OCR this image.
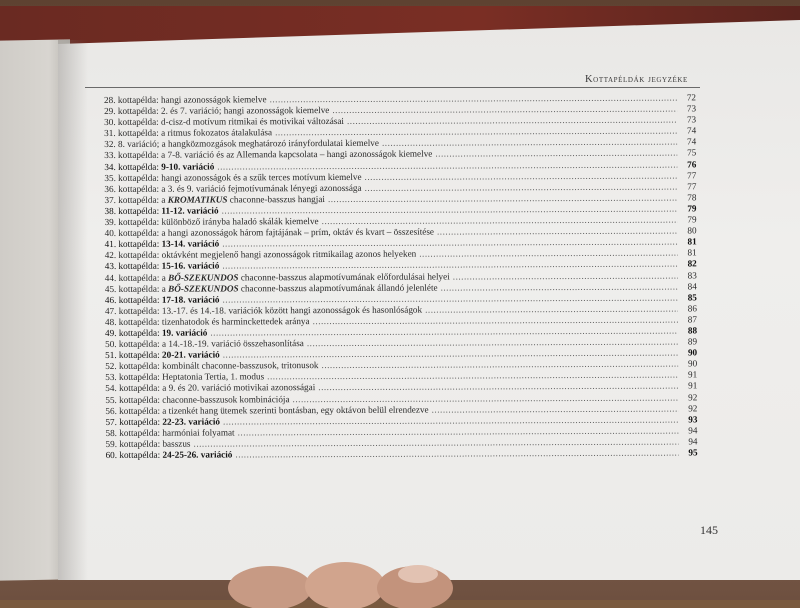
Kottapéldák jegyzéke
28. kottapélda: hangi azonosságok kiemelve .....	72
29. kottapélda: 2. és 7. variáció; hangi azonosságok kiemelve .....	73
30. kottapélda: d-cisz-d motívum ritmikai és motivikai változásai .....	73
31. kottapélda: a ritmus fokozatos átalakulása .....	74
32. 8. variáció; a hangközmozgások meghatározó irányfordulatai kiemelve .....	74
33. kottapélda: a 7-8. variáció és az Allemanda kapcsolata – hangi azonosságok kiemelve .....	75
34. kottapélda: 9-10. variáció .....	76
35. kottapélda: hangi azonosságok és a szűk terces motívum kiemelve .....	77
36. kottapélda: a 3. és 9. variáció fejmotívumának lényegi azonossága .....	77
37. kottapélda: a KROMATIKUS chaconne-basszus hangjai .....	78
38. kottapélda: 11-12. variáció .....	79
39. kottapélda: különböző irányba haladó skálák kiemelve .....	79
40. kottapélda: a hangi azonosságok három fajtájának – prím, oktáv és kvart – összesítése .....	80
41. kottapélda: 13-14. variáció .....	81
42. kottapélda: oktávként megjelenő hangi azonosságok ritmikailag azonos helyeken .....	81
43. kottapélda: 15-16. variáció .....	82
44. kottapélda: a BŐ-SZEKUNDOS chaconne-basszus alapmotívumának előfordulásai helyei .....	83
45. kottapélda: a BŐ-SZEKUNDOS chaconne-basszus alapmotívumának állandó jelenléte .....	84
46. kottapélda: 17-18. variáció .....	85
47. kottapélda: 13.-17. és 14.-18. variációk között hangi azonosságok és hasonlóságok .....	86
48. kottapélda: tizenhatodok és harminckettedek aránya .....	87
49. kottapélda: 19. variáció .....	88
50. kottapélda: a 14.-18.-19. variáció összehasonlítása .....	89
51. kottapélda: 20-21. variáció .....	90
52. kottapélda: kombinált chaconne-basszusok, tritonusok .....	90
53. kottapélda: Heptatonia Tertia, 1. modus .....	91
54. kottapélda: a 9. és 20. variáció motivikai azonosságai .....	91
55. kottapélda: chaconne-basszusok kombinációja .....	92
56. kottapélda: a tizenkét hang ütemek szerinti bontásban, egy oktávon belül elrendezve .....	92
57. kottapélda: 22-23. variáció .....	93
58. kottapélda: harmóniai folyamat .....	94
59. kottapélda: basszus .....	94
60. kottapélda: 24-25-26. variáció .....	95
145
